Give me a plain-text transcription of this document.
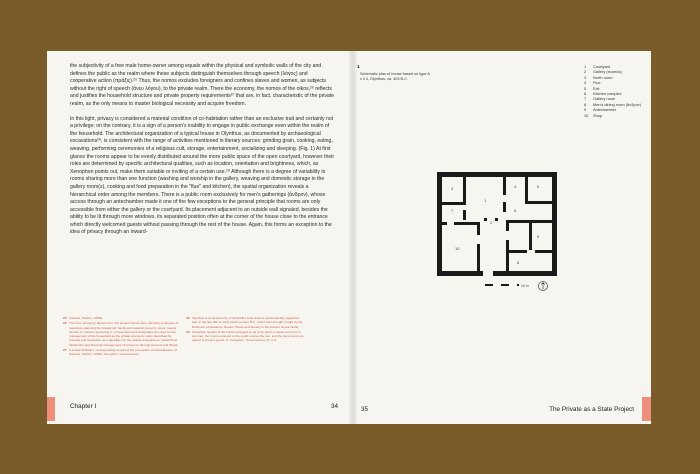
the subjectivity of a free male home-owner among equals within the physical and symbolic walls of the city and defines the public as the realm where these subjects distinguish themselves through speech (λόγος) and cooperative action (πράξις).²⁵ Thus, the nomos excludes foreigners and confines slaves and women, as subjects without the right of speech (ἄνευ λόγου), to the private realm. There the economy, the nomos of the oikos,²⁶ reflects and justifies the household structure and private property requirements²⁷ that are, in fact, characteristic of the private realm, as the only means to master biological necessity and acquire freedom.

In this light, privacy is considered a material condition of co-habitation rather than an exclusive trait and certainly not a privilege; on the contrary, it is a sign of a person's inability to engage in public exchange even within the realm of the household. The architectural organization of a typical house in Olynthus, as documented by archaeological excavations²⁸, is consistent with the range of activities mentioned in literary sources: grinding grain, cooking, eating, weaving, performing ceremonies of a religious cult, storage, entertainment, socializing and sleeping. (Fig. 1) At first glance the rooms appear to be evenly distributed around the more public space of the open courtyard, however their roles are determined by specific architectural qualities, such as location, orientation and brightness, which, as Xenophon points out, make them suitable or inviting of a certain use.²⁹ Although there is a degree of variability in rooms sharing more than one function (washing and worship in the gallery, weaving and domestic storage in the gallery room(s), cooking and food preparation in the "flue" and kitchen), the spatial organization reveals a hierarchical order among the members. There is a public room exclusively for men's gatherings (ἄνδρον), whose access through an antechamber made it one of the few exceptions to the general principle that rooms are only accessible from either the gallery or the courtyard. Its placement adjacent to an outside wall signaled, besides the ability to be lit through more windows, its separated position often at the corner of the house close to the entrance which directly welcomed guests without passing through the rest of the house. Again, this forms an exception to the idea of privacy through an inward-

25 Aristotle, Politics, 1253a.
26 The term 'economy' derives from the ancient Greek οἶκος denoting a complex of meanings spanning the household, family and material property; νόμος means the law or customs governing it, so that oikonomia designates the rules for the management of the household as the private economic realm described by Aristotle and Xenophon as a paradigm for the spatial arrangement, hierarchical distribution and financial management of resources through persons and things.
27 A similar definition, corresponding as part of the conception of subordination, cf. Aristotle, Politics, 1252b; Xenophon, Oeconomicus.
28 Olynthus is an ancient city of Chalcidice built under a systematically organized plan in the late fifth or early fourth century B.C., which was brought to light by the Robinson excavations; Nevett, House and Society in the Ancient Greek World.
29 Xenophon speaks of the house arranged so as to be warm in winter and cool in summer; the rooms exposed to the south receive the sun, and the storerooms are placed to protect goods, cf. Xenophon, Oeconomicus, IX, 2–5.
Chapter I	34	35	The Private as a State Project
1
Schematic plan of house based on type A v ii 4, Olynthus, ca. 403 B.C.
1	Courtyard
2	Gallery (παστάς)
3	North room
4	Flue
5	Exit
6	Kitchen complex
7	Gallery room
8	Men's dining room (ἄνδρον)
9	Antechamber
10	Shop
1
2
3	4	5
6
7
8
9
10
10 m
